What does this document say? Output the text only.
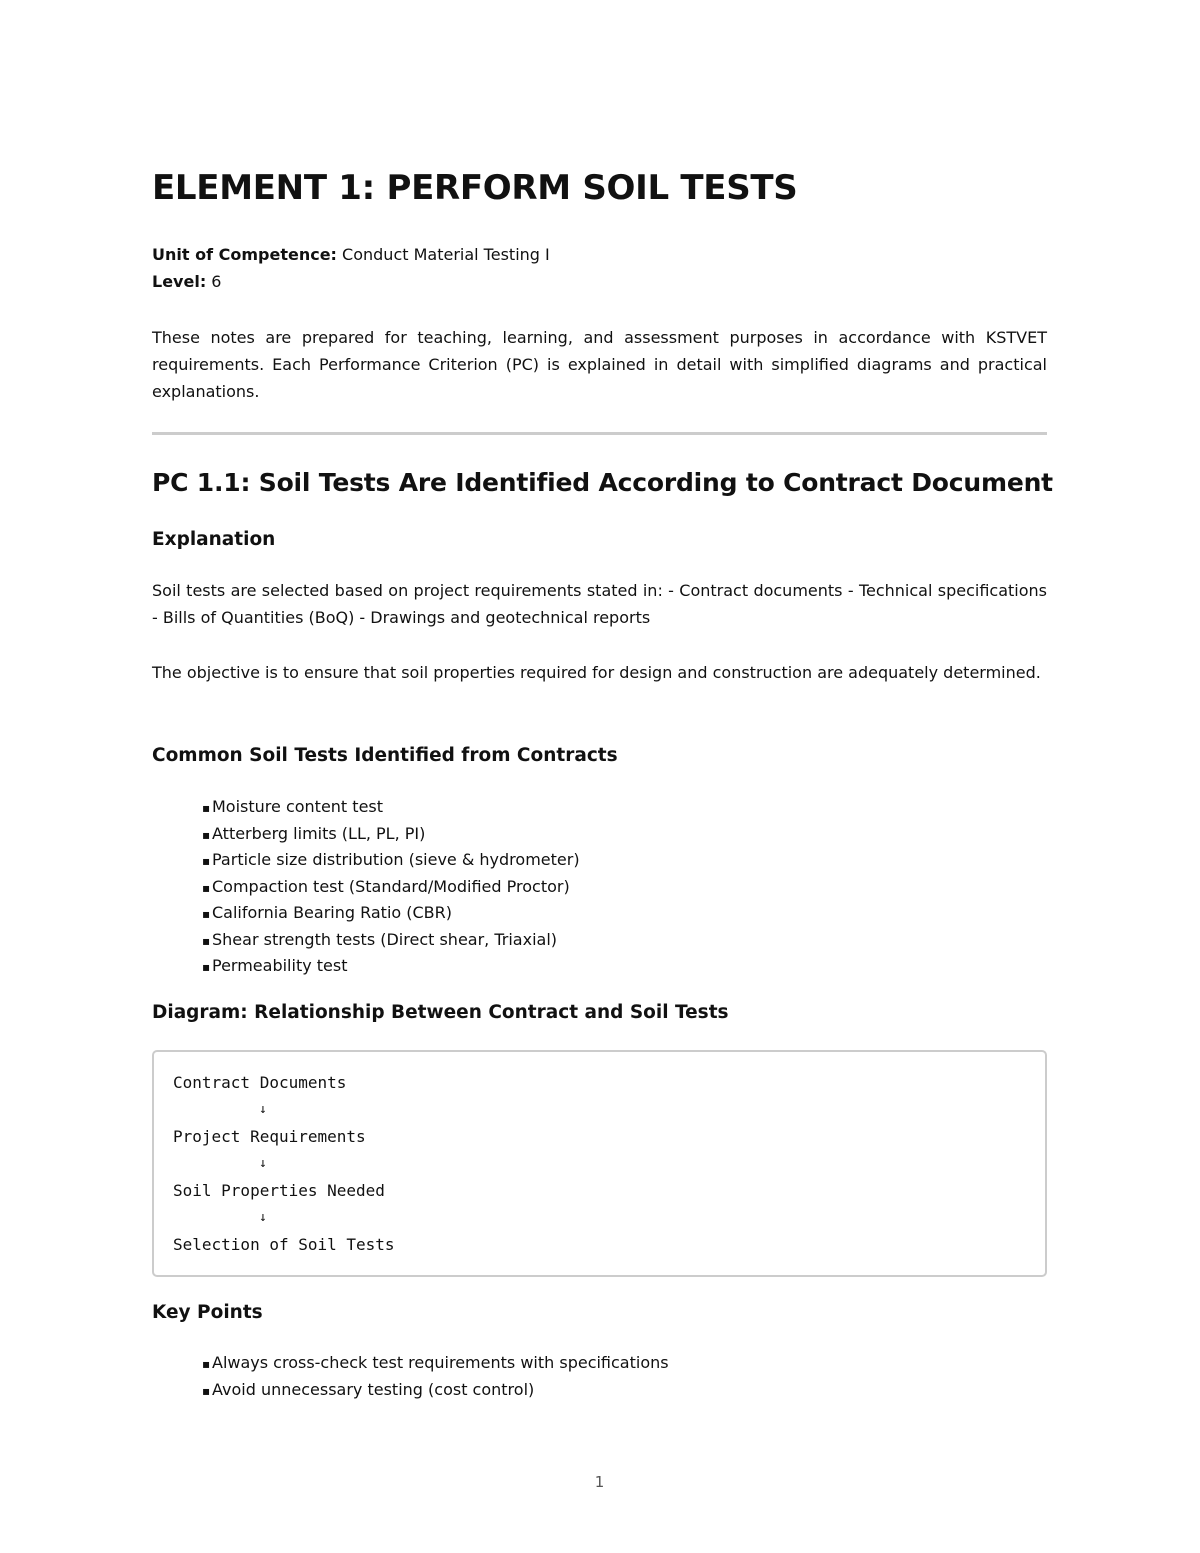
ELEMENT 1: PERFORM SOIL TESTS

Unit of Competence: Conduct Material Testing I

Level: 6

These notes are prepared for teaching, learning, and assessment purposes in accordance with KSTVET requirements. Each Performance Criterion (PC) is explained in detail with simplified diagrams and practical explanations.

PC 1.1: Soil Tests Are Identified According to Contract Document
Explanation

Soil tests are selected based on project requirements stated in: - Contract documents - Technical specifications - Bills of Quantities (BoQ) - Drawings and geotechnical reports

The objective is to ensure that soil properties required for design and construction are adequately determined.

Common Soil Tests Identified from Contracts
▪ Moisture content test
▪ Atterberg limits (LL, PL, PI)
▪ Particle size distribution (sieve & hydrometer)
▪ Compaction test (Standard/Modified Proctor)
▪ California Bearing Ratio (CBR)
▪ Shear strength tests (Direct shear, Triaxial)
▪ Permeability test
Diagram: Relationship Between Contract and Soil Tests

Contract Documents

↓

Project Requirements

↓

Soil Properties Needed

↓

Selection of Soil Tests

Key Points
▪ Always cross-check test requirements with specifications
▪ Avoid unnecessary testing (cost control)
1
